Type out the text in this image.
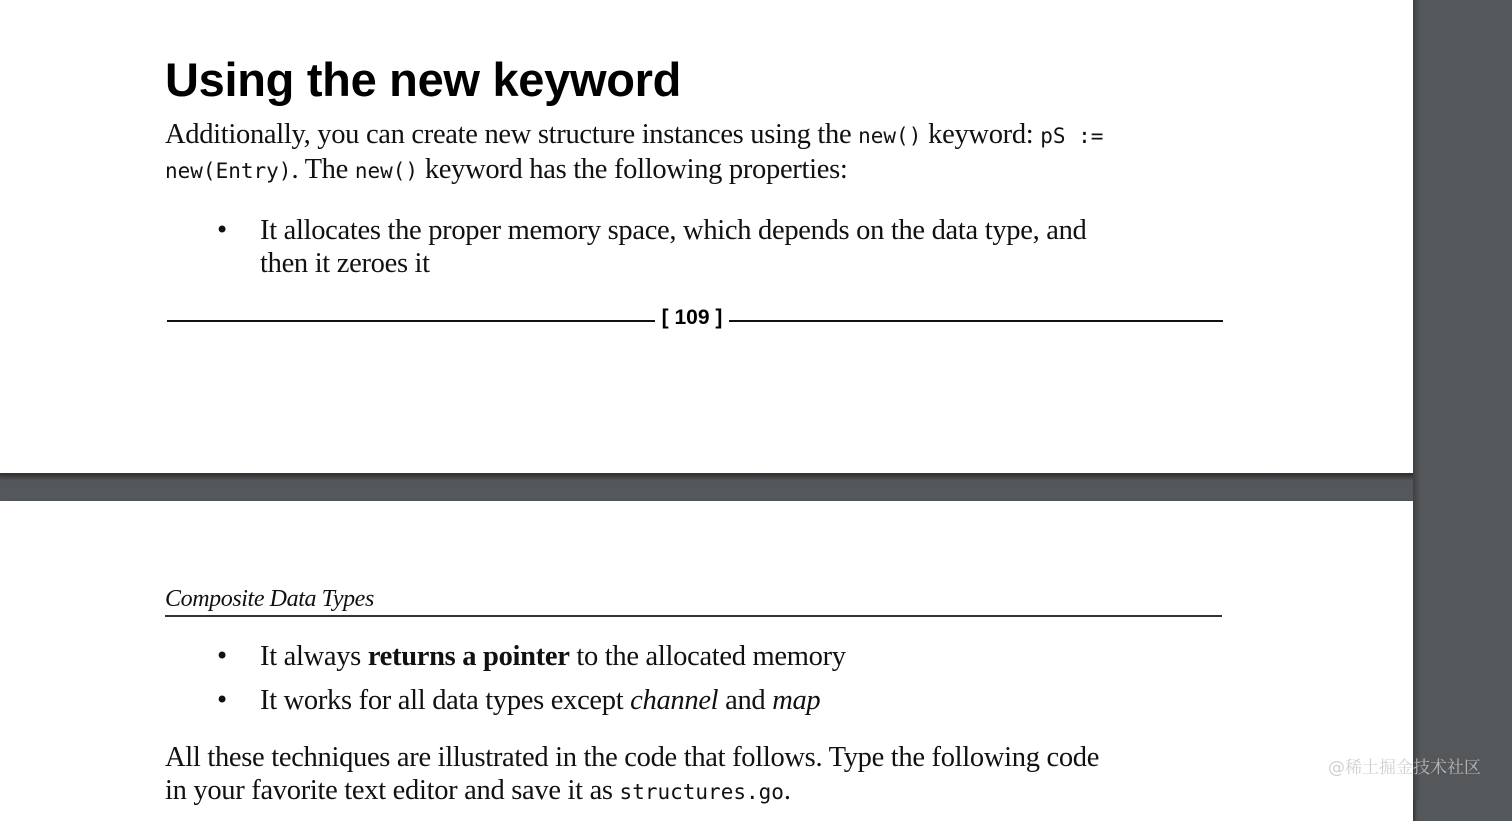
Using the new keyword

Additionally, you can create new structure instances using the new() keyword: pS :=
new(Entry). The new() keyword has the following properties:

• It allocates the proper memory space, which depends on the data type, and
then it zeroes it
[ 109 ]
Composite Data Types
• It always returns a pointer to the allocated memory
• It works for all data types except channel and map

All these techniques are illustrated in the code that follows. Type the following code
in your favorite text editor and save it as structures.go.

@稀土掘金技术社区
